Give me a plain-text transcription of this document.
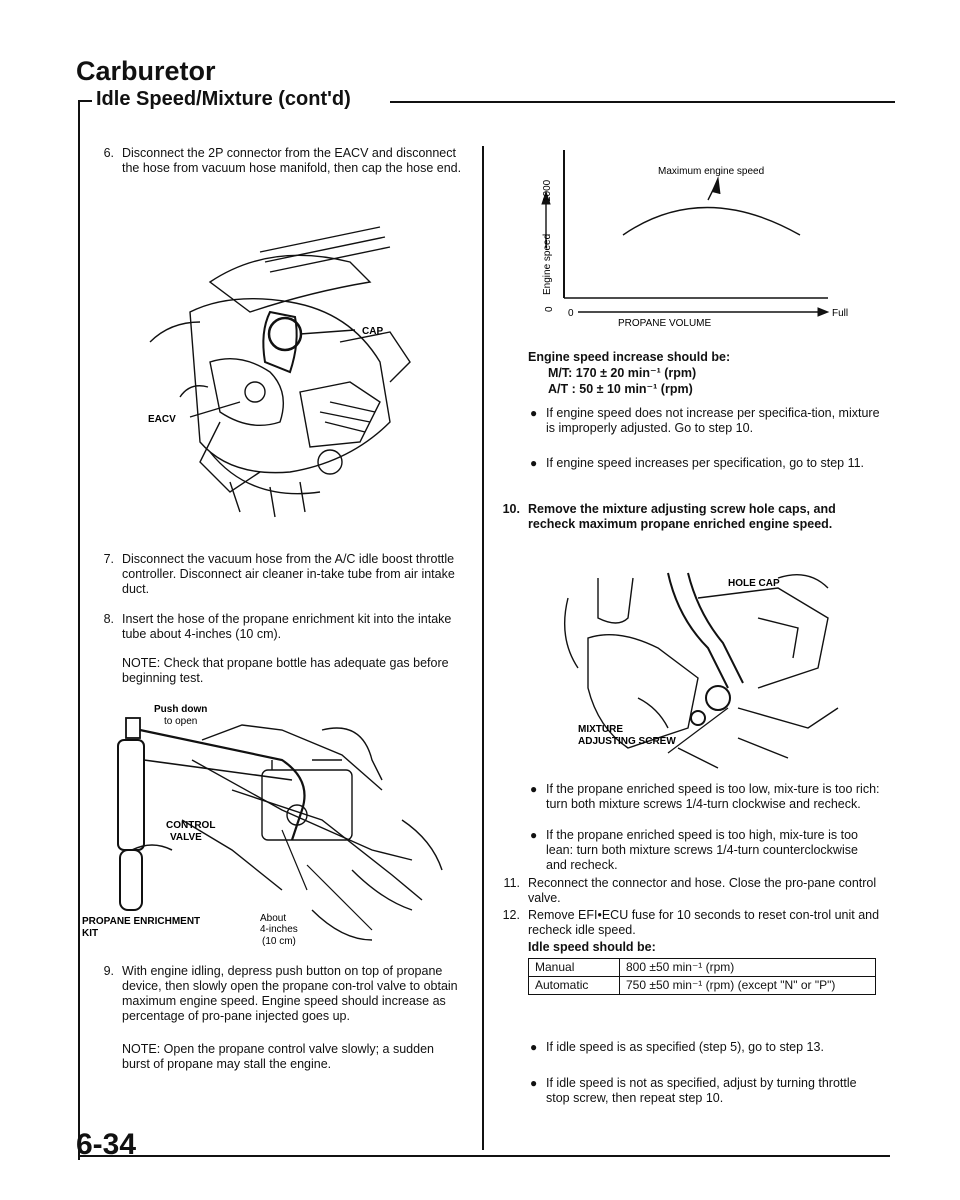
Carburetor
Idle Speed/Mixture (cont'd)
6. Disconnect the 2P connector from the EACV and disconnect the hose from vacuum hose manifold, then cap the hose end.
CAP
EACV
7. Disconnect the vacuum hose from the A/C idle boost throttle controller. Disconnect air cleaner in-take tube from air intake duct.
8. Insert the hose of the propane enrichment kit into the intake tube about 4-inches (10 cm).
NOTE: Check that propane bottle has adequate gas before beginning test.
Push down
to open
CONTROL
VALVE
PROPANE ENRICHMENT
KIT
About
4-inches
(10 cm)
9. With engine idling, depress push button on top of propane device, then slowly open the propane con-trol valve to obtain maximum engine speed. Engine speed should increase as percentage of pro-pane injected goes up.
NOTE: Open the propane control valve slowly; a sudden burst of propane may stall the engine.
Maximum engine speed
1000
Engine speed
0 0	Full
PROPANE VOLUME
Engine speed increase should be:
M/T: 170 ± 20 min⁻¹ (rpm)
A/T : 50 ± 10 min⁻¹ (rpm)
● If engine speed does not increase per specifica-tion, mixture is improperly adjusted. Go to step 10.
● If engine speed increases per specification, go to step 11.
10. Remove the mixture adjusting screw hole caps, and recheck maximum propane enriched engine speed.
HOLE CAP
MIXTURE
ADJUSTING SCREW
● If the propane enriched speed is too low, mix-ture is too rich: turn both mixture screws 1/4-turn clockwise and recheck.
● If the propane enriched speed is too high, mix-ture is too lean: turn both mixture screws 1/4-turn counterclockwise and recheck.
11. Reconnect the connector and hose. Close the pro-pane control valve.
12. Remove EFI•ECU fuse for 10 seconds to reset con-trol unit and recheck idle speed.
Idle speed should be:
Manual	800 ±50 min⁻¹ (rpm)
Automatic	750 ±50 min⁻¹ (rpm) (except "N" or "P")
● If idle speed is as specified (step 5), go to step 13.
● If idle speed is not as specified, adjust by turning throttle stop screw, then repeat step 10.
6-34
